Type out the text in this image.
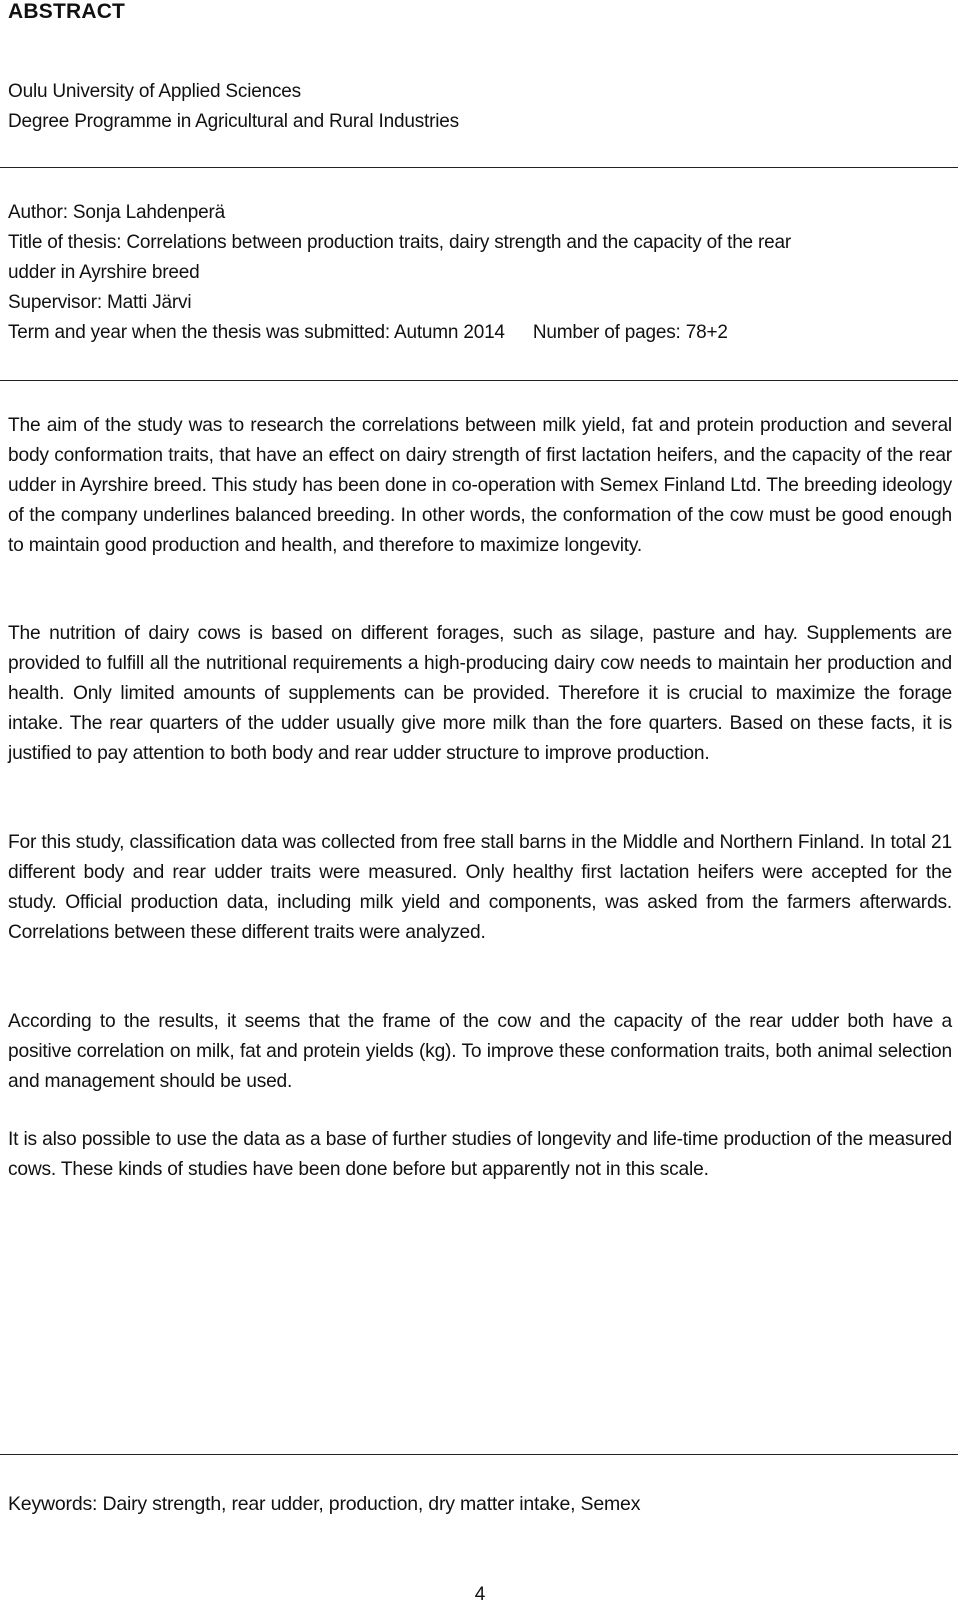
ABSTRACT
Oulu University of Applied Sciences
Degree Programme in Agricultural and Rural Industries
Author: Sonja Lahdenperä
Title of thesis: Correlations between production traits, dairy strength and the capacity of the rear
udder in Ayrshire breed
Supervisor: Matti Järvi
Term and year when the thesis was submitted: Autumn 2014 Number of pages: 78+2
The aim of the study was to research the correlations between milk yield, fat and protein production and several body conformation traits, that have an effect on dairy strength of first lactation heifers, and the capacity of the rear udder in Ayrshire breed. This study has been done in co-operation with Semex Finland Ltd. The breeding ideology of the company underlines balanced breeding. In other words, the conformation of the cow must be good enough to maintain good production and health, and therefore to maximize longevity.
The nutrition of dairy cows is based on different forages, such as silage, pasture and hay. Supplements are provided to fulfill all the nutritional requirements a high-producing dairy cow needs to maintain her production and health. Only limited amounts of supplements can be provided. Therefore it is crucial to maximize the forage intake. The rear quarters of the udder usually give more milk than the fore quarters. Based on these facts, it is justified to pay attention to both body and rear udder structure to improve production.
For this study, classification data was collected from free stall barns in the Middle and Northern Finland. In total 21 different body and rear udder traits were measured. Only healthy first lactation heifers were accepted for the study. Official production data, including milk yield and components, was asked from the farmers afterwards. Correlations between these different traits were analyzed.
According to the results, it seems that the frame of the cow and the capacity of the rear udder both have a positive correlation on milk, fat and protein yields (kg). To improve these conformation traits, both animal selection and management should be used.
It is also possible to use the data as a base of further studies of longevity and life-time production of the measured cows. These kinds of studies have been done before but apparently not in this scale.
Keywords: Dairy strength, rear udder, production, dry matter intake, Semex
4
